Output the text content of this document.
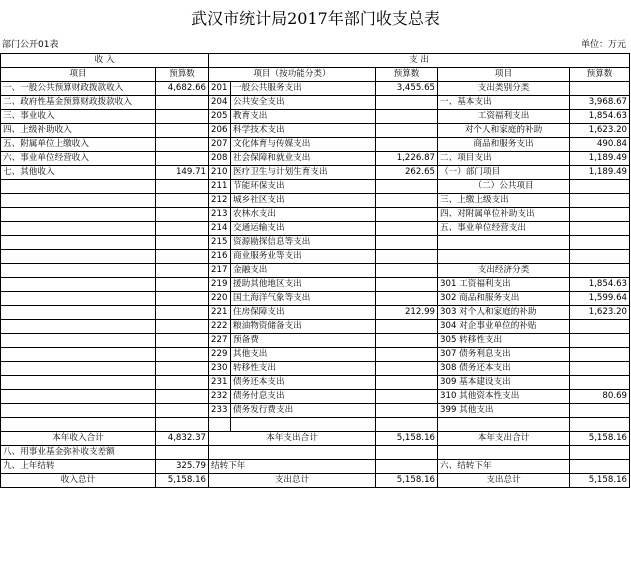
武汉市统计局2017年部门收支总表
部门公开01表	单位：万元
收 入		支 出				
项目	预算数	项目（按功能分类）		预算数	项目	预算数
一、一般公共预算财政拨款收入	4,682.66	201	一般公共服务支出	3,455.65	支出类别分类	
二、政府性基金预算财政拨款收入		204	公共安全支出		一、基本支出	3,968.67
三、事业收入		205	教育支出		工资福利支出	1,854.63
四、上级补助收入		206	科学技术支出		对个人和家庭的补助	1,623.20
五、附属单位上缴收入		207	文化体育与传媒支出		商品和服务支出	490.84
六、事业单位经营收入		208	社会保障和就业支出	1,226.87	二、项目支出	1,189.49
七、其他收入	149.71	210	医疗卫生与计划生育支出	262.65	（一）部门项目	1,189.49
		211	节能环保支出		（二）公共项目	
		212	城乡社区支出		三、上缴上级支出	
		213	农林水支出		四、对附属单位补助支出	
		214	交通运输支出		五、事业单位经营支出	
		215	资源勘探信息等支出			
		216	商业服务业等支出			
		217	金融支出		支出经济分类	
		219	援助其他地区支出		301 工资福利支出	1,854.63
		220	国土海洋气象等支出		302 商品和服务支出	1,599.64
		221	住房保障支出	212.99	303 对个人和家庭的补助	1,623.20
		222	粮油物资储备支出		304 对企事业单位的补贴	
		227	预备费		305 转移性支出	
		229	其他支出		307 债务利息支出	
		230	转移性支出		308 债务还本支出	
		231	债务还本支出		309 基本建设支出	
		232	债务付息支出		310 其他资本性支出	80.69
		233	债务发行费支出		399 其他支出	

本年收入合计	4,832.37	本年支出合计		5,158.16	本年支出合计	5,158.16
八、用事业基金弥补收支差额						
九、上年结转	325.79	结转下年			六、结转下年	
收入总计	5,158.16	支出总计		5,158.16	支出总计	5,158.16
